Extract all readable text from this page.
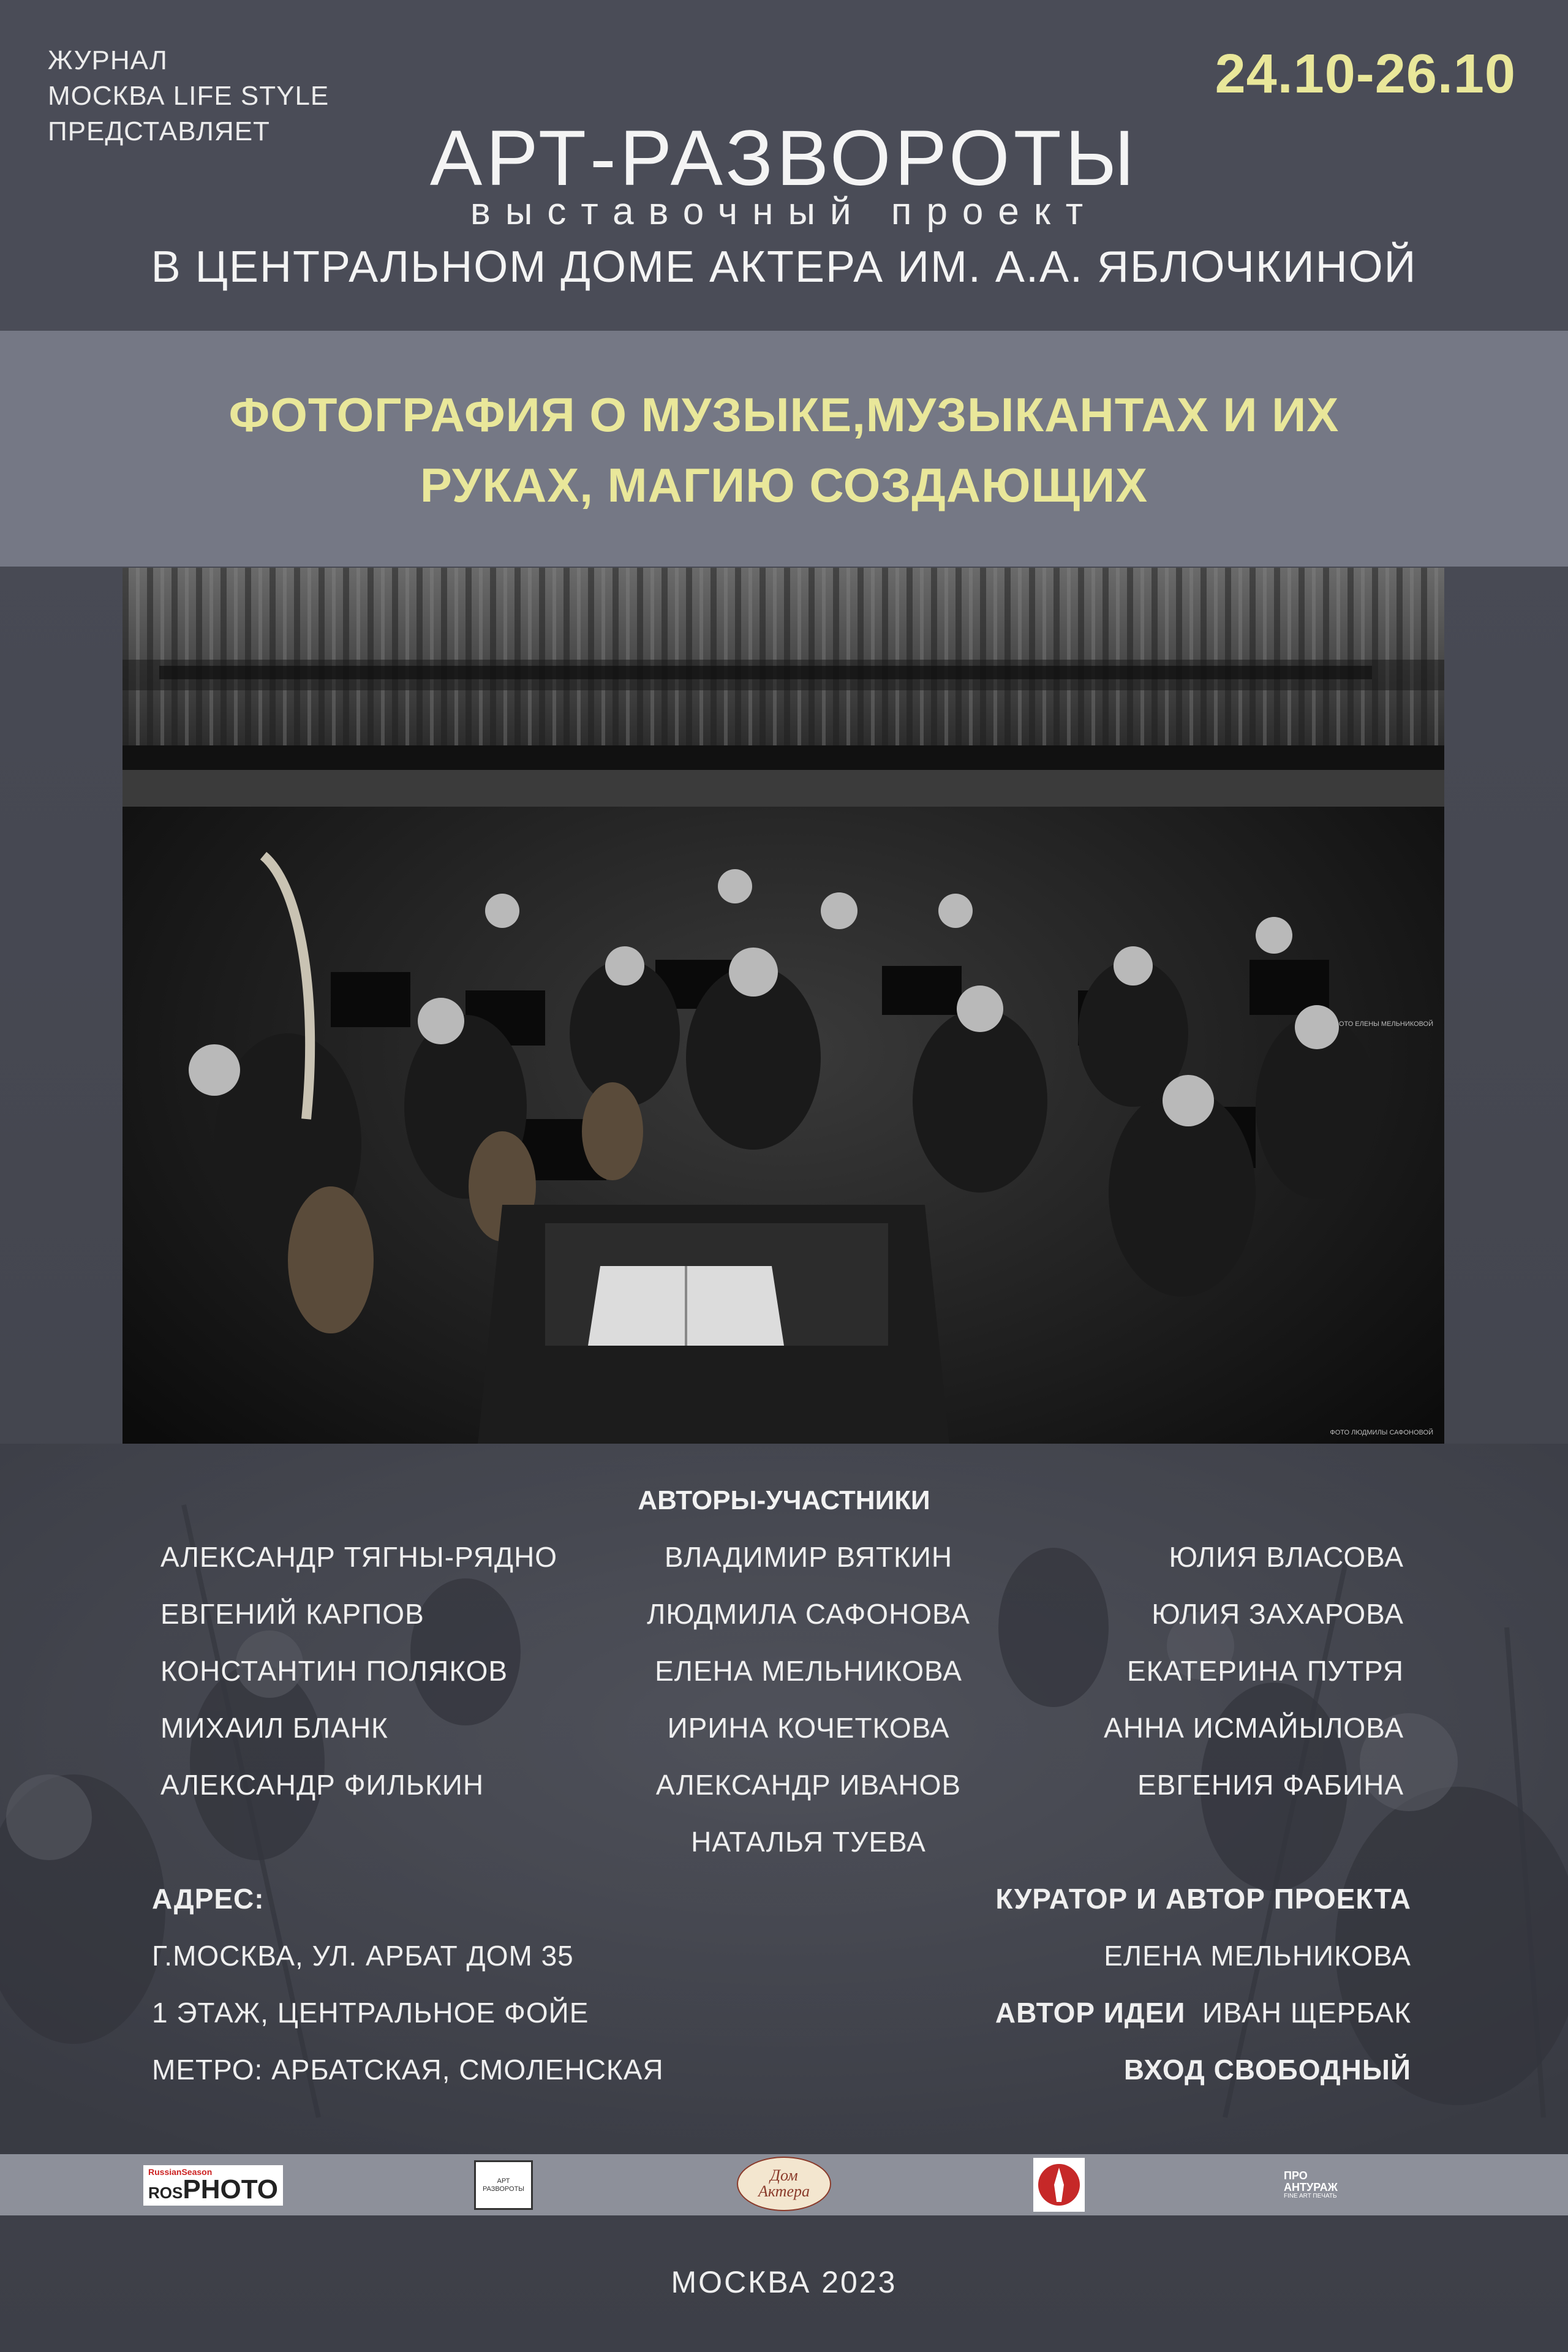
ЖУРНАЛ
МОСКВА LIFE STYLE
ПРЕДСТАВЛЯЕТ
24.10-26.10
АРТ-РАЗВОРОТЫ
выставочный проект
В ЦЕНТРАЛЬНОМ ДОМЕ АКТЕРА ИМ. А.А. ЯБЛОЧКИНОЙ
ФОТОГРАФИЯ О МУЗЫКЕ,МУЗЫКАНТАХ И ИХ
РУКАХ, МАГИЮ СОЗДАЮЩИХ
ФОТО ЛЮДМИЛЫ САФОНОВОЙ
ФОТО ЕЛЕНЫ МЕЛЬНИКОВОЙ
АВТОРЫ-УЧАСТНИКИ
АЛЕКСАНДР ТЯГНЫ-РЯДНО
ЕВГЕНИЙ КАРПОВ
КОНСТАНТИН ПОЛЯКОВ
МИХАИЛ БЛАНК
АЛЕКСАНДР ФИЛЬКИН
ВЛАДИМИР ВЯТКИН
ЛЮДМИЛА САФОНОВА
ЕЛЕНА МЕЛЬНИКОВА
ИРИНА КОЧЕТКОВА
АЛЕКСАНДР ИВАНОВ
НАТАЛЬЯ ТУЕВА
ЮЛИЯ ВЛАСОВА
ЮЛИЯ ЗАХАРОВА
ЕКАТЕРИНА ПУТРЯ
АННА ИСМАЙЫЛОВА
ЕВГЕНИЯ ФАБИНА
АДРЕС:
Г.МОСКВА, УЛ. АРБАТ ДОМ 35
1 ЭТАЖ, ЦЕНТРАЛЬНОЕ ФОЙЕ
МЕТРО: АРБАТСКАЯ, СМОЛЕНСКАЯ
КУРАТОР И АВТОР ПРОЕКТА
ЕЛЕНА МЕЛЬНИКОВА
АВТОР ИДЕИ ИВАН ЩЕРБАК
ВХОД СВОБОДНЫЙ
RussianSeason
ROSPHOTO	АРТ
РАЗВОРОТЫ
Дом
Актера
ПРО
АНТУРАЖ
FINE ART ПЕЧАТЬ
МОСКВА 2023
